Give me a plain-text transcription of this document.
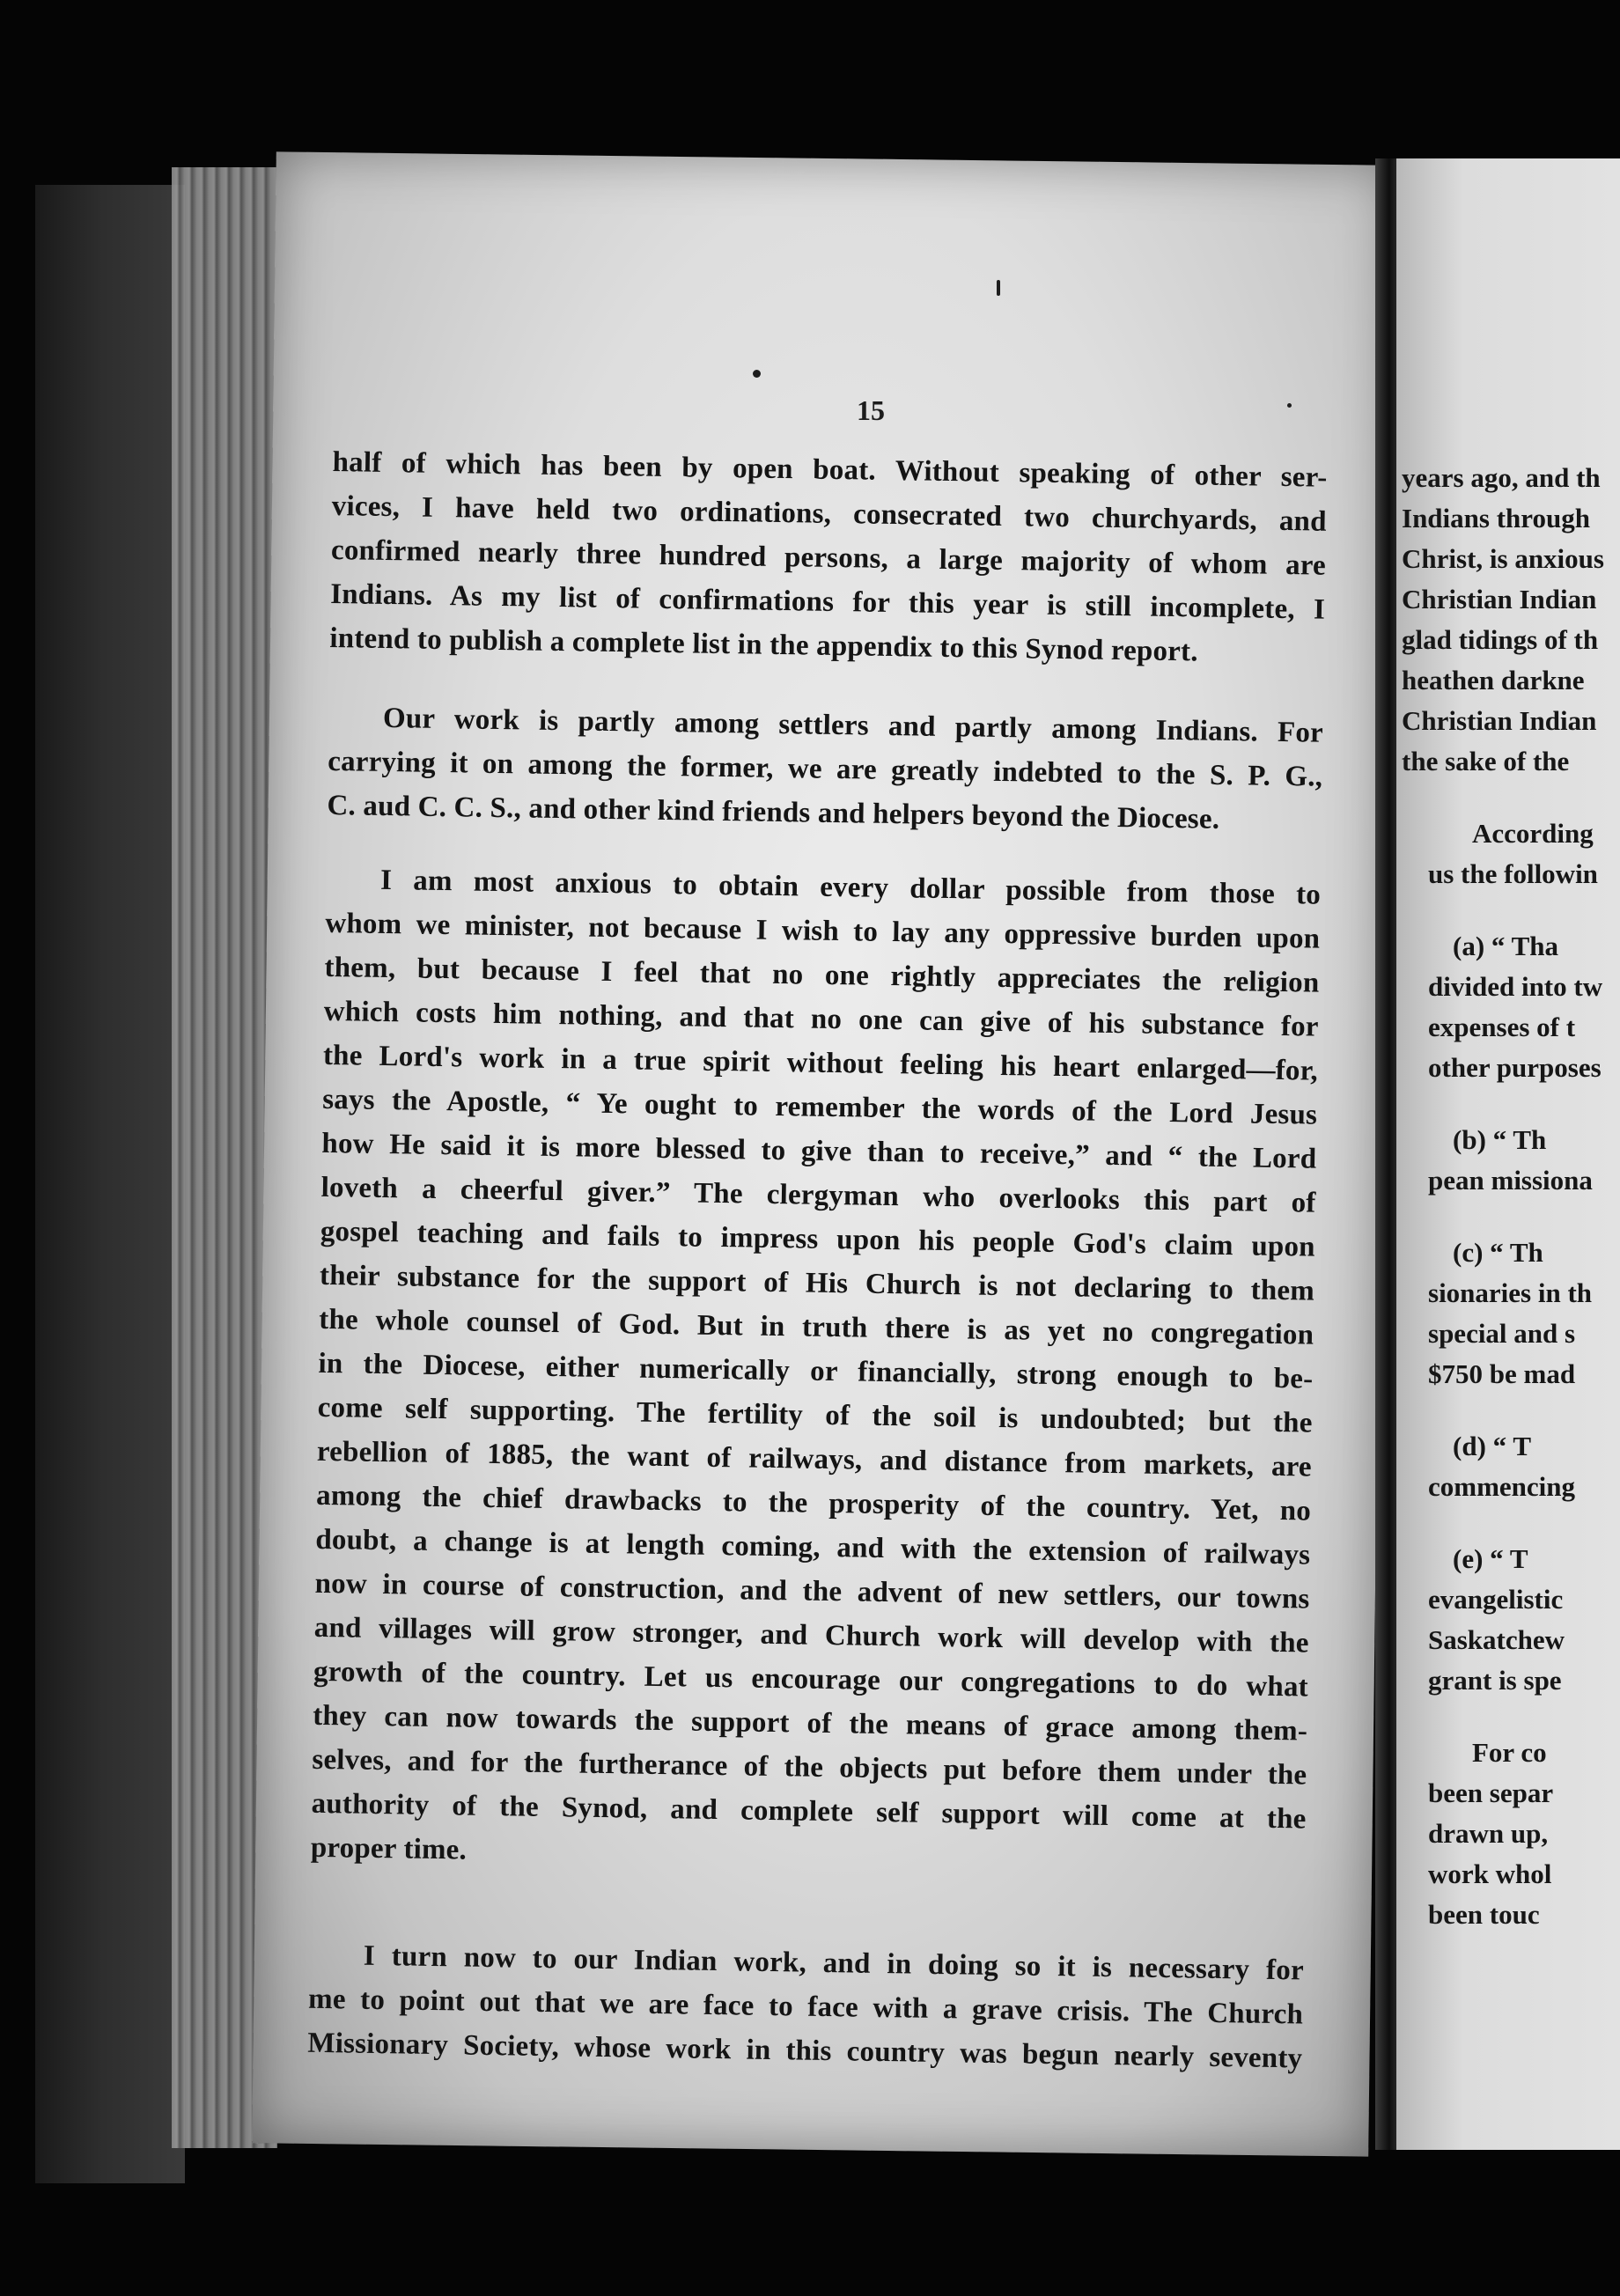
15
half of which has been by open boat. Without speaking of other ser-
vices, I have held two ordinations, consecrated two churchyards, and
confirmed nearly three hundred persons, a large majority of whom are
Indians. As my list of confirmations for this year is still incomplete, I
intend to publish a complete list in the appendix to this Synod report.
Our work is partly among settlers and partly among Indians. For
carrying it on among the former, we are greatly indebted to the S. P. G.,
C. aud C. C. S., and other kind friends and helpers beyond the Diocese.
I am most anxious to obtain every dollar possible from those to
whom we minister, not because I wish to lay any oppressive burden upon
them, but because I feel that no one rightly appreciates the religion
which costs him nothing, and that no one can give of his substance for
the Lord's work in a true spirit without feeling his heart enlarged—for,
says the Apostle, “ Ye ought to remember the words of the Lord Jesus
how He said it is more blessed to give than to receive,” and “ the Lord
loveth a cheerful giver.” The clergyman who overlooks this part of
gospel teaching and fails to impress upon his people God's claim upon
their substance for the support of His Church is not declaring to them
the whole counsel of God. But in truth there is as yet no congregation
in the Diocese, either numerically or financially, strong enough to be-
come self supporting. The fertility of the soil is undoubted; but the
rebellion of 1885, the want of railways, and distance from markets, are
among the chief drawbacks to the prosperity of the country. Yet, no
doubt, a change is at length coming, and with the extension of railways
now in course of construction, and the advent of new settlers, our towns
and villages will grow stronger, and Church work will develop with the
growth of the country. Let us encourage our congregations to do what
they can now towards the support of the means of grace among them-
selves, and for the furtherance of the objects put before them under the
authority of the Synod, and complete self support will come at the
proper time.
I turn now to our Indian work, and in doing so it is necessary for
me to point out that we are face to face with a grave crisis. The Church
Missionary Society, whose work in this country was begun nearly seventy
years ago, and th
Indians through
Christ, is anxious
Christian Indian
glad tidings of th
heathen darkne
Christian Indian
the sake of the
According
us the followin
(a) “ Tha
divided into tw
expenses of t
other purposes
(b) “ Th
pean missiona
(c) “ Th
sionaries in th
special and s
$750 be mad
(d) “ T
commencing
(e) “ T
evangelistic
Saskatchew
grant is spe
For co
been separ
drawn up,
work whol
been touc
